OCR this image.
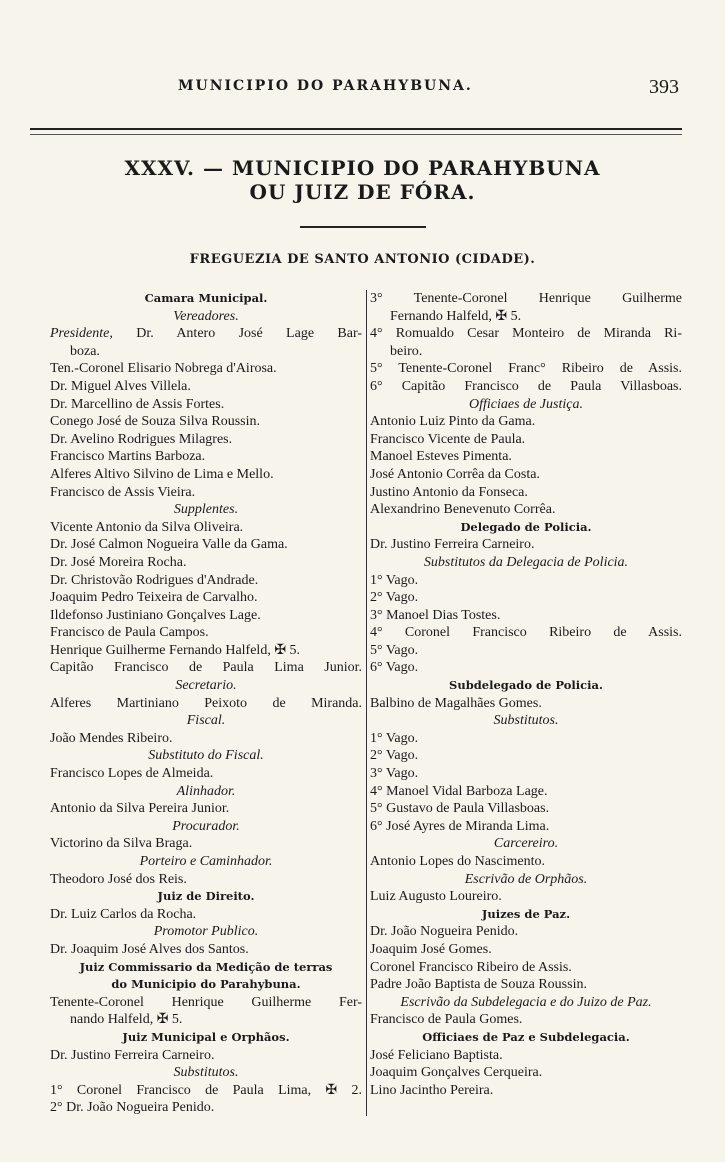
MUNICIPIO DO PARAHYBUNA.	393
XXXV. — MUNICIPIO DO PARAHYBUNA
OU JUIZ DE FÓRA.
FREGUEZIA DE SANTO ANTONIO (CIDADE).
Camara Municipal.
Vereadores.
Presidente, Dr. Antero José Lage Bar-
boza.
Ten.-Coronel Elisario Nobrega d'Airosa.
Dr. Miguel Alves Villela.
Dr. Marcellino de Assis Fortes.
Conego José de Souza Silva Roussin.
Dr. Avelino Rodrigues Milagres.
Francisco Martins Barboza.
Alferes Altivo Silvino de Lima e Mello.
Francisco de Assis Vieira.
Supplentes.
Vicente Antonio da Silva Oliveira.
Dr. José Calmon Nogueira Valle da Gama.
Dr. José Moreira Rocha.
Dr. Christovão Rodrigues d'Andrade.
Joaquim Pedro Teixeira de Carvalho.
Ildefonso Justiniano Gonçalves Lage.
Francisco de Paula Campos.
Henrique Guilherme Fernando Halfeld, ✠ 5.
Capitão Francisco de Paula Lima Junior.
Secretario.
Alferes Martiniano Peixoto de Miranda.
Fiscal.
João Mendes Ribeiro.
Substituto do Fiscal.
Francisco Lopes de Almeida.
Alinhador.
Antonio da Silva Pereira Junior.
Procurador.
Victorino da Silva Braga.
Porteiro e Caminhador.
Theodoro José dos Reis.
Juiz de Direito.
Dr. Luiz Carlos da Rocha.
Promotor Publico.
Dr. Joaquim José Alves dos Santos.
Juiz Commissario da Medição de terras
do Municipio do Parahybuna.
Tenente-Coronel Henrique Guilherme Fer-
nando Halfeld, ✠ 5.
Juiz Municipal e Orphãos.
Dr. Justino Ferreira Carneiro.
Substitutos.
1° Coronel Francisco de Paula Lima, ✠ 2.
2° Dr. João Nogueira Penido.
3° Tenente-Coronel Henrique Guilherme
Fernando Halfeld, ✠ 5.
4° Romualdo Cesar Monteiro de Miranda Ri-
beiro.
5° Tenente-Coronel Franc° Ribeiro de Assis.
6° Capitão Francisco de Paula Villasboas.
Officiaes de Justiça.
Antonio Luiz Pinto da Gama.
Francisco Vicente de Paula.
Manoel Esteves Pimenta.
José Antonio Corrêa da Costa.
Justino Antonio da Fonseca.
Alexandrino Benevenuto Corrêa.
Delegado de Policia.
Dr. Justino Ferreira Carneiro.
Substitutos da Delegacia de Policia.
1° Vago.
2° Vago.
3° Manoel Dias Tostes.
4° Coronel Francisco Ribeiro de Assis.
5° Vago.
6° Vago.
Subdelegado de Policia.
Balbino de Magalhães Gomes.
Substitutos.
1° Vago.
2° Vago.
3° Vago.
4° Manoel Vidal Barboza Lage.
5° Gustavo de Paula Villasboas.
6° José Ayres de Miranda Lima.
Carcereiro.
Antonio Lopes do Nascimento.
Escrivão de Orphãos.
Luiz Augusto Loureiro.
Juizes de Paz.
Dr. João Nogueira Penido.
Joaquim José Gomes.
Coronel Francisco Ribeiro de Assis.
Padre João Baptista de Souza Roussin.
Escrivão da Subdelegacia e do Juizo de Paz.
Francisco de Paula Gomes.
Officiaes de Paz e Subdelegacia.
José Feliciano Baptista.
Joaquim Gonçalves Cerqueira.
Lino Jacintho Pereira.
